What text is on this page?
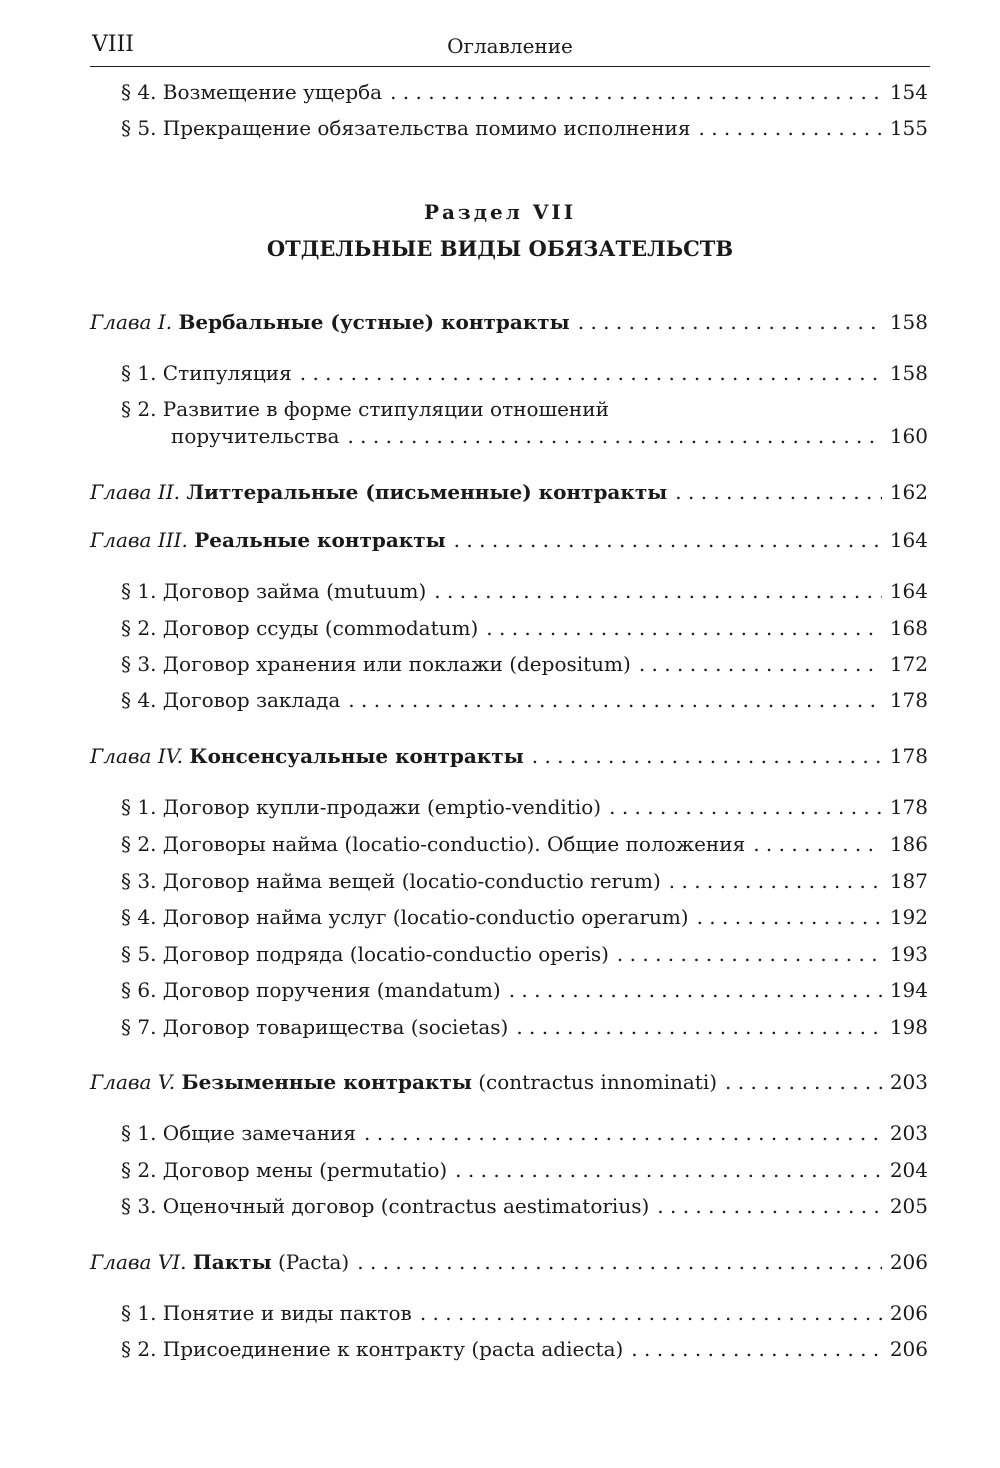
VIII	Оглавление
§ 4. Возмещение ущерба . . .	154
§ 5. Прекращение обязательства помимо исполнения . . .	155
Раздел VII
ОТДЕЛЬНЫЕ ВИДЫ ОБЯЗАТЕЛЬСТВ
Глава I. Вербальные (устные) контракты . . .	158
§ 1. Стипуляция . . .	158
§ 2. Развитие в форме стипуляции отношений
поручительства . . .	160
Глава II. Литтеральные (письменные) контракты . . .	162
Глава III. Реальные контракты . . .	164
§ 1. Договор займа (mutuum) . . .	164
§ 2. Договор ссуды (commodatum) . . .	168
§ 3. Договор хранения или поклажи (depositum) . . .	172
§ 4. Договор заклада . . .	178
Глава IV. Консенсуальные контракты . . .	178
§ 1. Договор купли-продажи (emptio-venditio) . . .	178
§ 2. Договоры найма (locatio-conductio). Общие положения . . .	186
§ 3. Договор найма вещей (locatio-conductio rerum) . . .	187
§ 4. Договор найма услуг (locatio-conductio operarum) . . .	192
§ 5. Договор подряда (locatio-conductio operis) . . .	193
§ 6. Договор поручения (mandatum) . . .	194
§ 7. Договор товарищества (societas) . . .	198
Глава V. Безыменные контракты (contractus innominati) . . .	203
§ 1. Общие замечания . . .	203
§ 2. Договор мены (permutatio) . . .	204
§ 3. Оценочный договор (contractus aestimatorius) . . .	205
Глава VI. Пакты (Pacta) . . .	206
§ 1. Понятие и виды пактов . . .	206
§ 2. Присоединение к контракту (pacta adiecta) . . .	206
